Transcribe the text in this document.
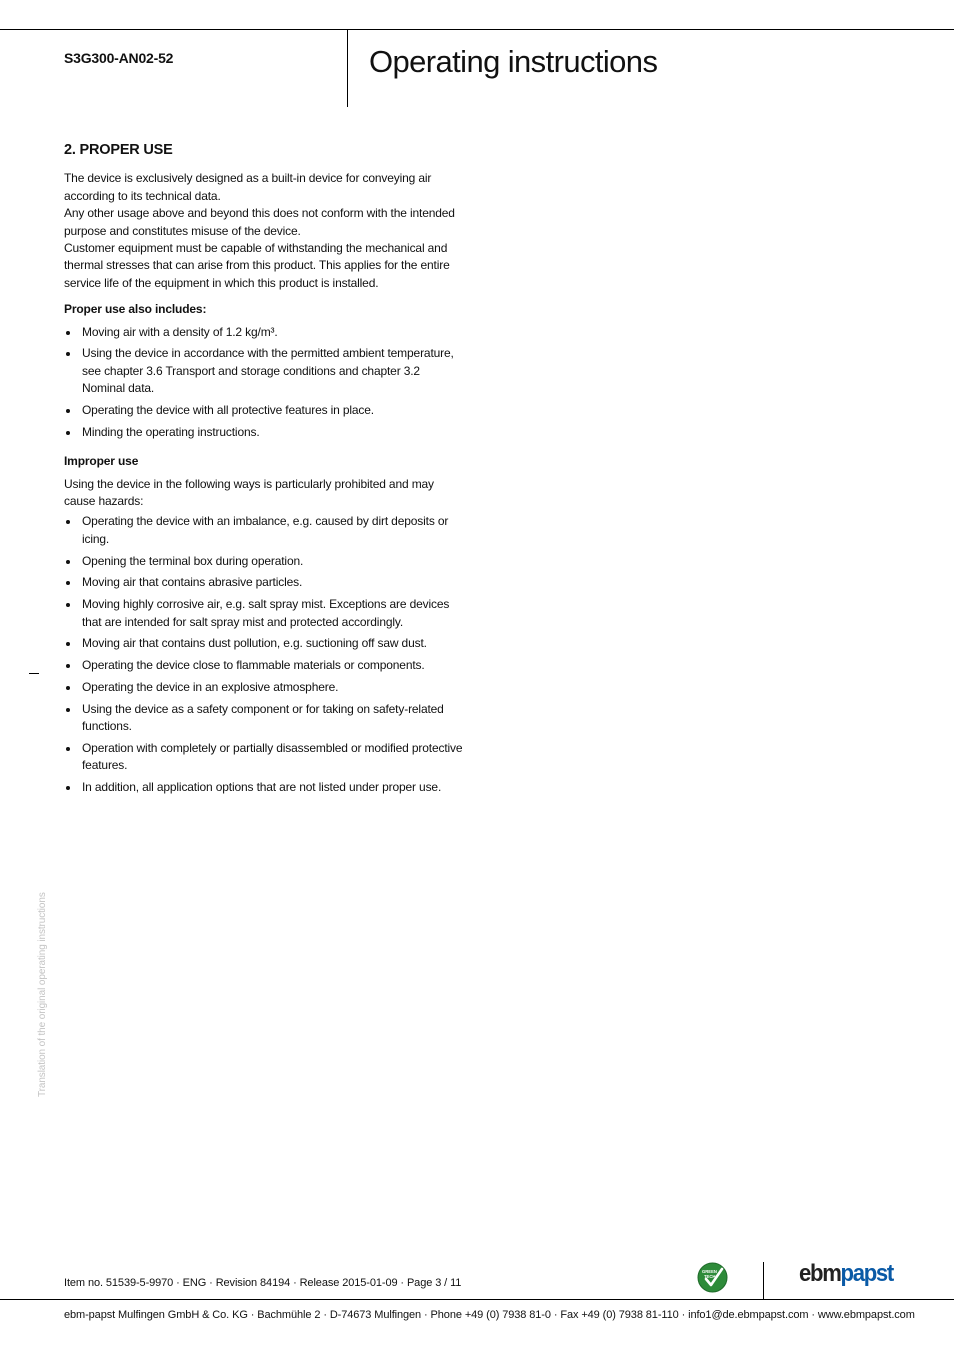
S3G300-AN02-52	Operating instructions
2. PROPER USE

The device is exclusively designed as a built-in device for conveying air according to its technical data.

Any other usage above and beyond this does not conform with the intended purpose and constitutes misuse of the device.

Customer equipment must be capable of withstanding the mechanical and thermal stresses that can arise from this product. This applies for the entire service life of the equipment in which this product is installed.

Proper use also includes:
Moving air with a density of 1.2 kg/m³.
Using the device in accordance with the permitted ambient temperature, see chapter 3.6 Transport and storage conditions and chapter 3.2 Nominal data.
Operating the device with all protective features in place.
Minding the operating instructions.
Improper use

Using the device in the following ways is particularly prohibited and may cause hazards:

Operating the device with an imbalance, e.g. caused by dirt deposits or icing.
Opening the terminal box during operation.
Moving air that contains abrasive particles.
Moving highly corrosive air, e.g. salt spray mist. Exceptions are devices that are intended for salt spray mist and protected accordingly.
Moving air that contains dust pollution, e.g. suctioning off saw dust.
Operating the device close to flammable materials or components.
Operating the device in an explosive atmosphere.
Using the device as a safety component or for taking on safety-related functions.
Operation with completely or partially disassembled or modified protective features.
In addition, all application options that are not listed under proper use.
Translation of the original operating instructions
Item no. 51539-5-9970 · ENG · Revision 84194 · Release 2015-01-09 · Page 3 / 11
GREEN
TECH	ebmpapst
ebm-papst Mulfingen GmbH & Co. KG · Bachmühle 2 · D-74673 Mulfingen · Phone +49 (0) 7938 81-0 · Fax +49 (0) 7938 81-110 · info1@de.ebmpapst.com · www.ebmpapst.com
